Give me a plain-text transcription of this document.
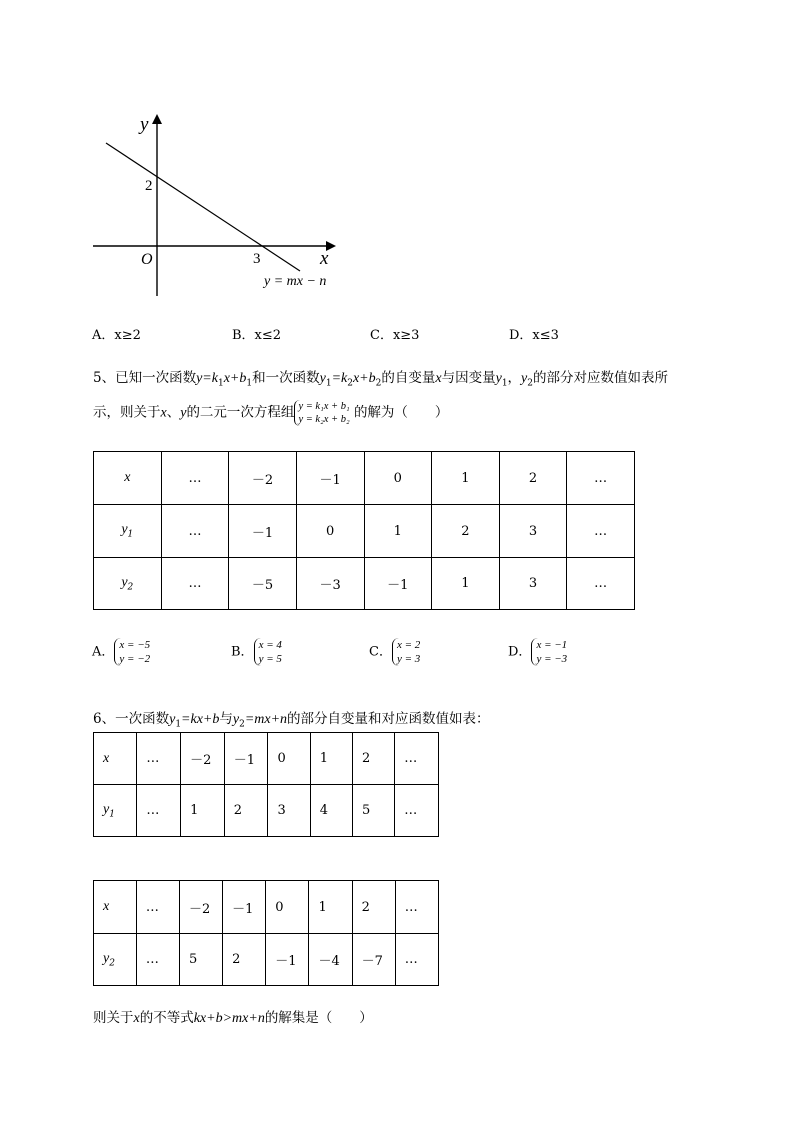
y
x
O
2
3
y = mx − n
A．x≥2	B．x≤2	C．x≥3	D．x≤3
5、已知一次函数$y=k_1x+b_1$和一次函数$y_1=k_2x+b_2$的自变量x与因变量$y_1$，$y_2$的部分对应数值如表所
示，则关于x、y的二元一次方程组 y = k₁x + b₁
y = k₂x + b₂ 的解为（　　）
x	…	－2	－1	0	1	2	…
$y_1$	…	－1	0	1	2	3	…
$y_2$	…	－5	－3	－1	1	3	…
A． x = −5
y = −2	B． x = 4
y = 5	C． x = 2
y = 3	D． x = −1
y = −3
6、一次函数$y_1=kx+b$与$y_2=mx+n$的部分自变量和对应函数值如表：
x	…	－2	－1	0	1	2	…
$y_1$	…	1	2	3	4	5	…
x	…	－2	－1	0	1	2	…
$y_2$	…	5	2	－1	－4	－7	…
则关于x的不等式kx+b>mx+n的解集是（　　）
